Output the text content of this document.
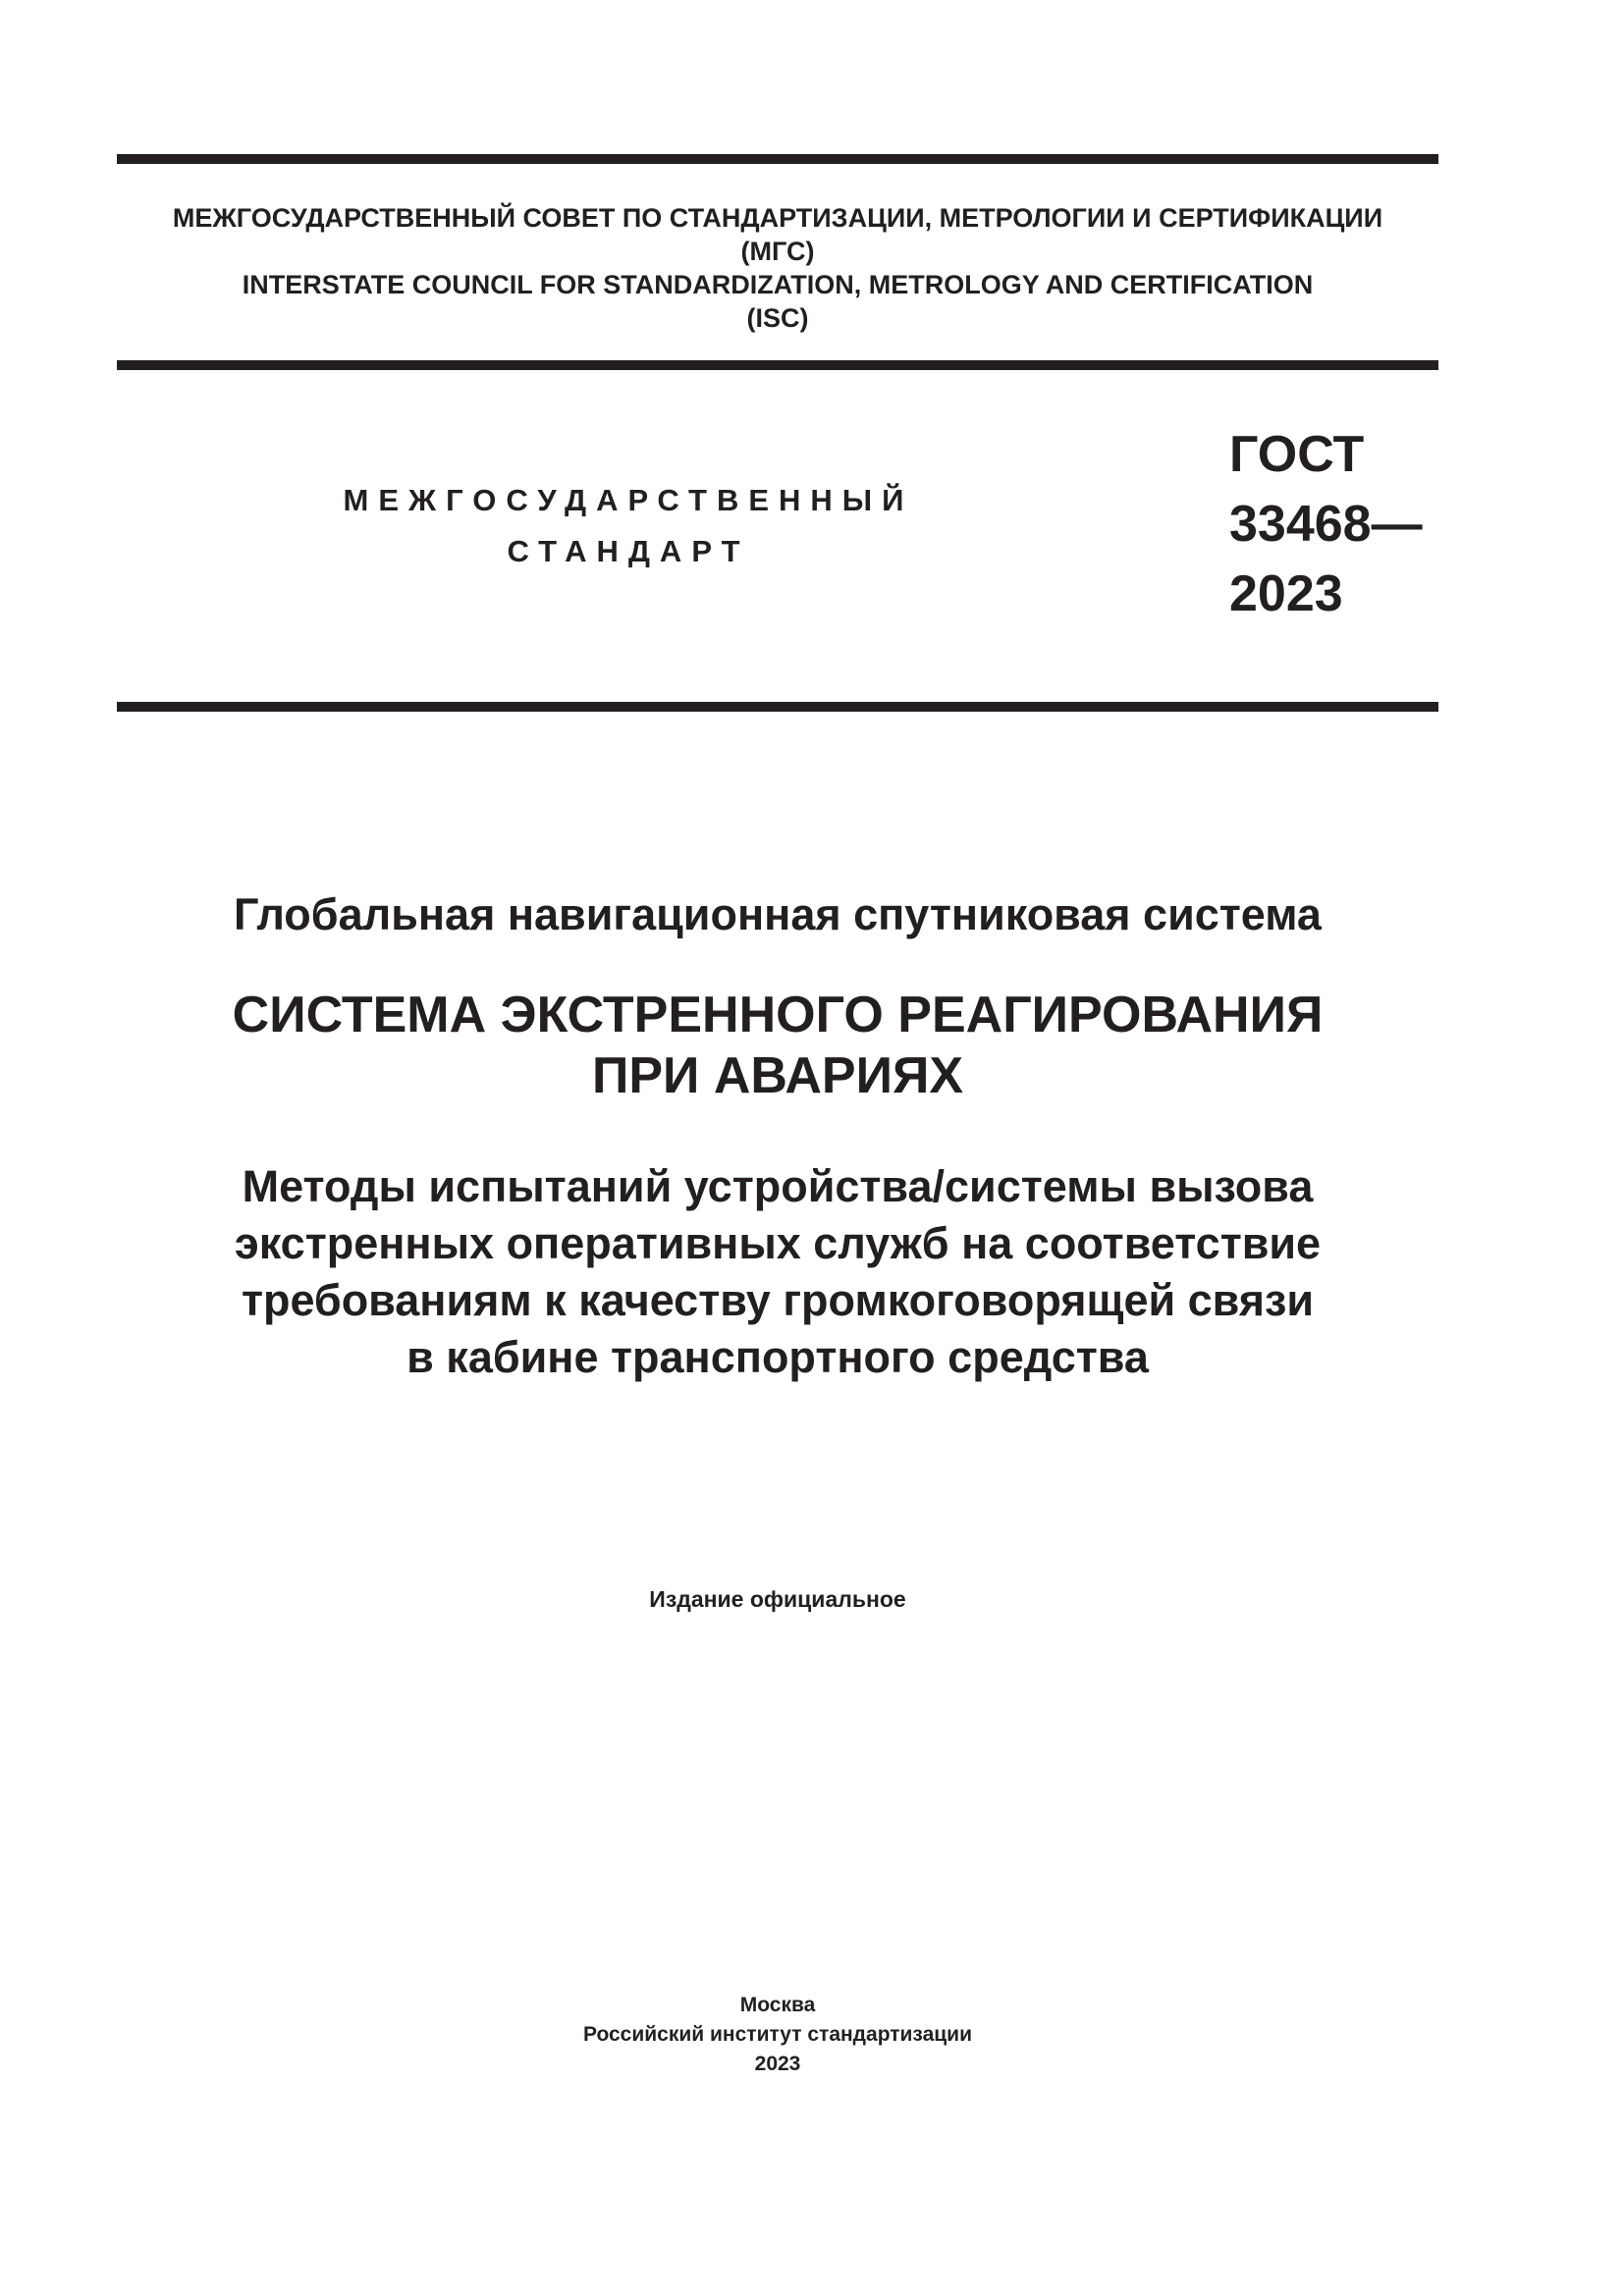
МЕЖГОСУДАРСТВЕННЫЙ СОВЕТ ПО СТАНДАРТИЗАЦИИ, МЕТРОЛОГИИ И СЕРТИФИКАЦИИ
(МГС)
INTERSTATE COUNCIL FOR STANDARDIZATION, METROLOGY AND CERTIFICATION
(ISC)
МЕЖГОСУДАРСТВЕННЫЙ
СТАНДАРТ
ГОСТ
33468—
2023
Глобальная навигационная спутниковая система
СИСТЕМА ЭКСТРЕННОГО РЕАГИРОВАНИЯ
ПРИ АВАРИЯХ
Методы испытаний устройства/системы вызова
экстренных оперативных служб на соответствие
требованиям к качеству громкоговорящей связи
в кабине транспортного средства
Издание официальное
Москва
Российский институт стандартизации
2023
